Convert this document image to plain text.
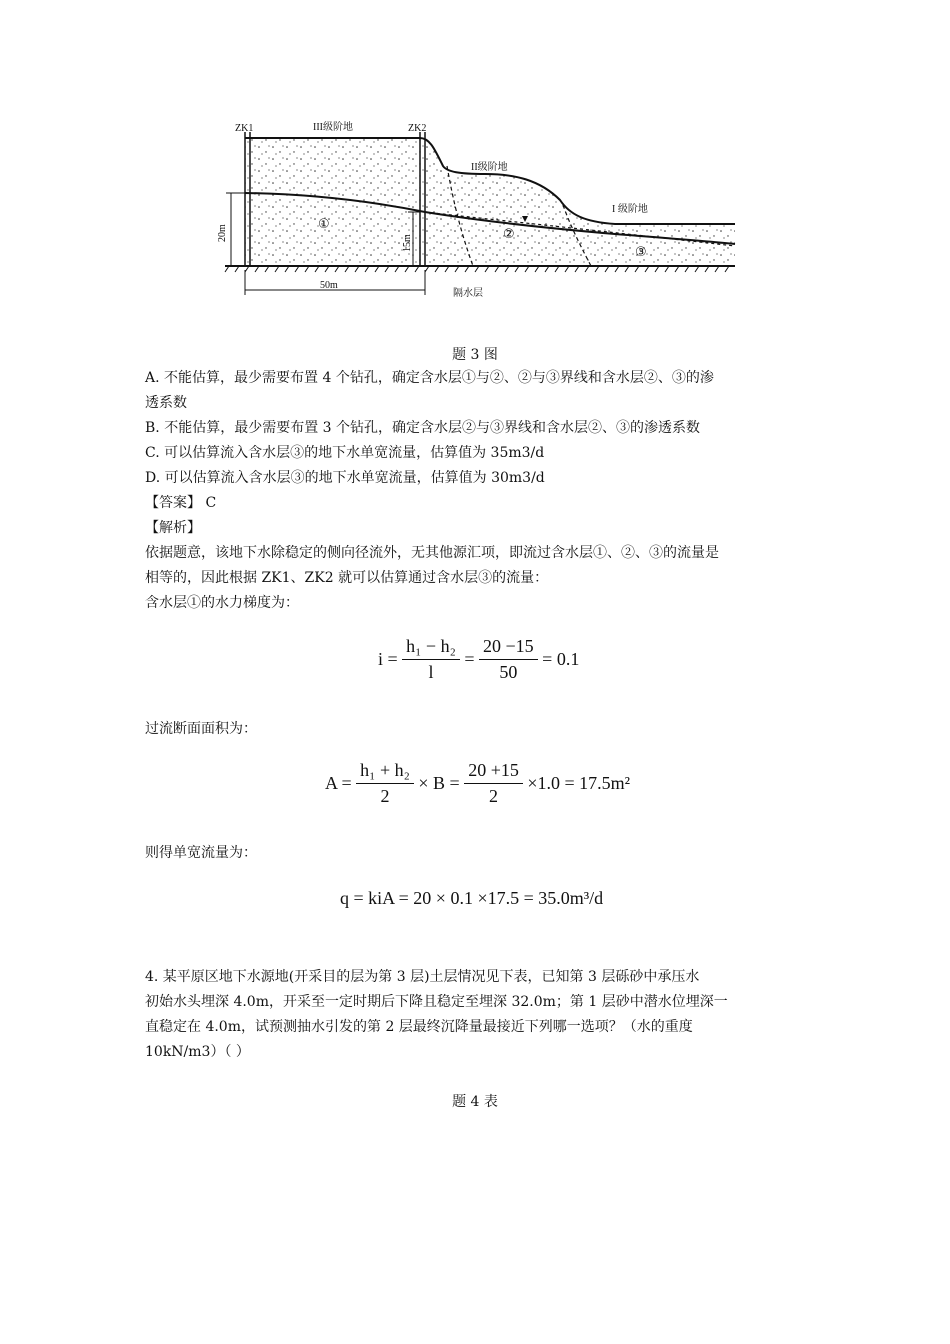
ZK1	ZK2
III级阶地
II级阶地
I 级阶地
隔水层
50m
①
②
③
20m
15m
题 3 图
A. 不能估算，最少需要布置 4 个钻孔，确定含水层①与②、②与③界线和含水层②、③的渗
透系数
B. 不能估算，最少需要布置 3 个钻孔，确定含水层②与③界线和含水层②、③的渗透系数
C. 可以估算流入含水层③的地下水单宽流量，估算值为 35m3/d
D. 可以估算流入含水层③的地下水单宽流量，估算值为 30m3/d
【答案】 C
【解析】
依据题意，该地下水除稳定的侧向径流外，无其他源汇项，即流过含水层①、②、③的流量是
相等的，因此根据 ZK1、ZK2 就可以估算通过含水层③的流量：
含水层①的水力梯度为：
$i = \frac{\text{h₁ − h₂}}{l} = \frac{20 -15}{50} = 0.1$
过流断面面积为：
$A = \frac{\text{h₁ + h₂}}{2} \times B = \frac{20 +15}{2} \times 1.0 = 17.5m^2$
则得单宽流量为：
q = kiA = 20 × 0.1 ×17.5 = 35.0m³/d
4. 某平原区地下水源地(开采目的层为第 3 层)土层情况见下表，已知第 3 层砾砂中承压水
初始水头埋深 4.0m，开采至一定时期后下降且稳定至埋深 32.0m；第 1 层砂中潜水位埋深一
直稳定在 4.0m，试预测抽水引发的第 2 层最终沉降量最接近下列哪一选项？（水的重度
10kN/m3）（ ）
题 4 表
